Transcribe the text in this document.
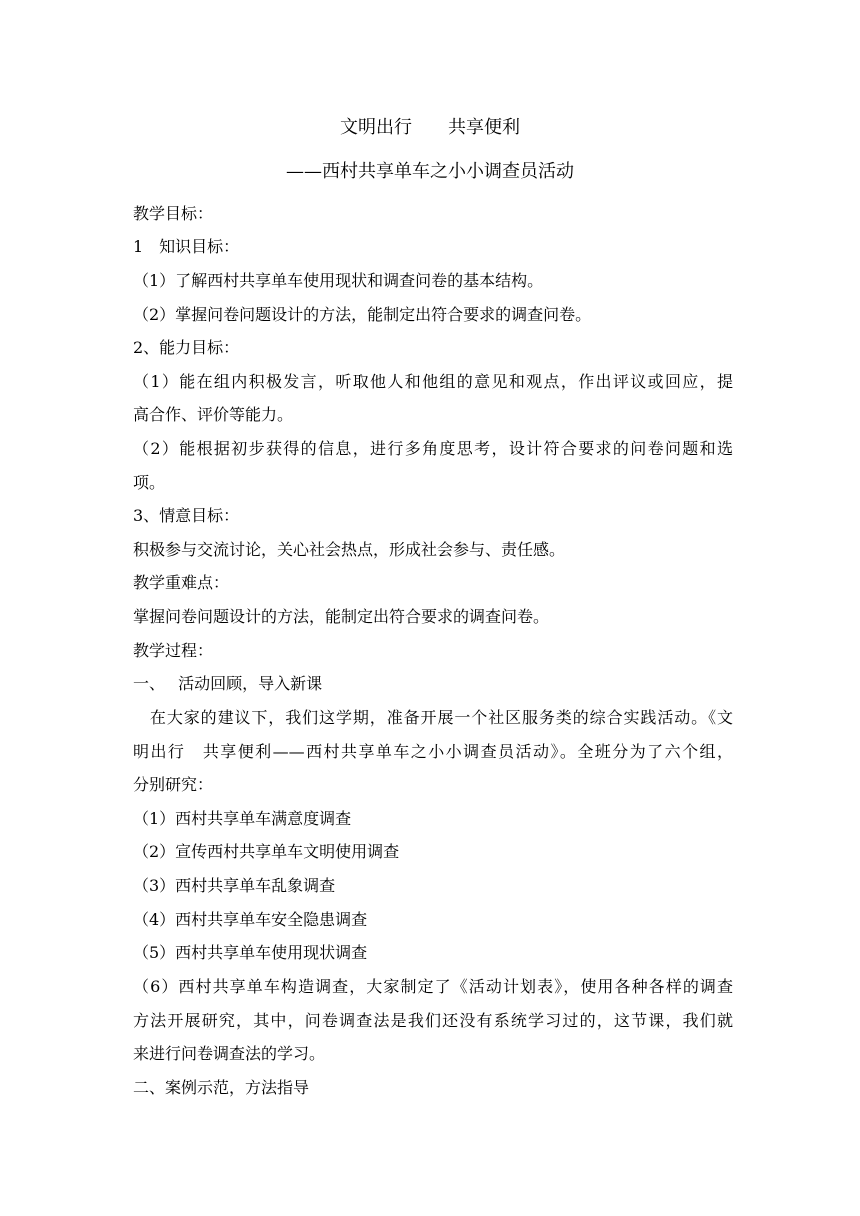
文明出行　　共享便利
——西村共享单车之小小调查员活动
教学目标：
1　知识目标：
（1）了解西村共享单车使用现状和调查问卷的基本结构。
（2）掌握问卷问题设计的方法，能制定出符合要求的调查问卷。
2、能力目标：
（1）能在组内积极发言，听取他人和他组的意见和观点，作出评议或回应，提
高合作、评价等能力。
（2）能根据初步获得的信息，进行多角度思考，设计符合要求的问卷问题和选
项。
3、情意目标：
积极参与交流讨论，关心社会热点，形成社会参与、责任感。
教学重难点：
掌握问卷问题设计的方法，能制定出符合要求的调查问卷。
教学过程：
一、　 活动回顾，导入新课
　在大家的建议下，我们这学期，准备开展一个社区服务类的综合实践活动。《文
明出行　共享便利——西村共享单车之小小调查员活动》。全班分为了六个组，
分别研究：
（1）西村共享单车满意度调查
（2）宣传西村共享单车文明使用调查
（3）西村共享单车乱象调查
（4）西村共享单车安全隐患调查
（5）西村共享单车使用现状调查
（6）西村共享单车构造调查，大家制定了《活动计划表》，使用各种各样的调查
方法开展研究，其中，问卷调查法是我们还没有系统学习过的，这节课，我们就
来进行问卷调查法的学习。
二、案例示范，方法指导
